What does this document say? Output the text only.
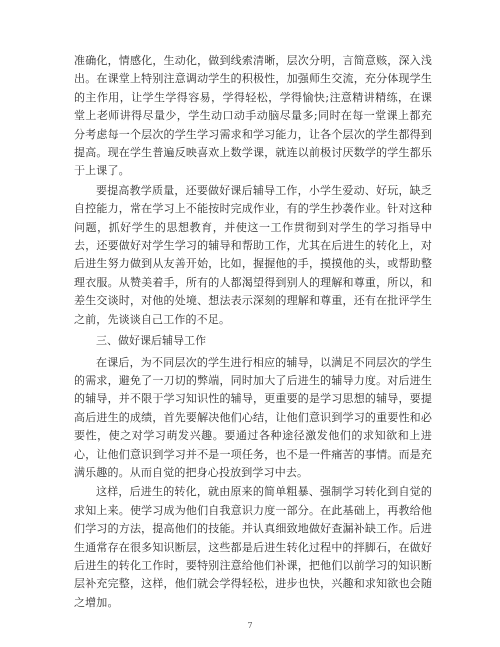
准确化，情感化，生动化，做到线索清晰，层次分明，言简意赅，深入浅出。在课堂上特别注意调动学生的积极性，加强师生交流，充分体现学生的主作用，让学生学得容易，学得轻松，学得愉快;注意精讲精练，在课堂上老师讲得尽量少，学生动口动手动脑尽量多;同时在每一堂课上都充分考虑每一个层次的学生学习需求和学习能力，让各个层次的学生都得到提高。现在学生普遍反映喜欢上数学课，就连以前极讨厌数学的学生都乐于上课了。

要提高教学质量，还要做好课后辅导工作，小学生爱动、好玩，缺乏自控能力，常在学习上不能按时完成作业，有的学生抄袭作业。针对这种问题，抓好学生的思想教育，并使这一工作贯彻到对学生的学习指导中去，还要做好对学生学习的辅导和帮助工作，尤其在后进生的转化上，对后进生努力做到从友善开始，比如，握握他的手，摸摸他的头，或帮助整理衣服。从赞美着手，所有的人都渴望得到别人的理解和尊重，所以，和差生交谈时，对他的处境、想法表示深刻的理解和尊重，还有在批评学生之前，先谈谈自己工作的不足。

三、做好课后辅导工作

在课后，为不同层次的学生进行相应的辅导，以满足不同层次的学生的需求，避免了一刀切的弊端，同时加大了后进生的辅导力度。对后进生的辅导，并不限于学习知识性的辅导，更重要的是学习思想的辅导，要提高后进生的成绩，首先要解决他们心结，让他们意识到学习的重要性和必要性，使之对学习萌发兴趣。要通过各种途径激发他们的求知欲和上进心，让他们意识到学习并不是一项任务，也不是一件痛苦的事情。而是充满乐趣的。从而自觉的把身心投放到学习中去。

这样，后进生的转化，就由原来的简单粗暴、强制学习转化到自觉的求知上来。使学习成为他们自我意识力度一部分。在此基础上，再教给他们学习的方法，提高他们的技能。并认真细致地做好查漏补缺工作。后进生通常存在很多知识断层，这些都是后进生转化过程中的拌脚石，在做好后进生的转化工作时，要特别注意给他们补课，把他们以前学习的知识断层补充完整，这样，他们就会学得轻松，进步也快，兴趣和求知欲也会随之增加。

7
